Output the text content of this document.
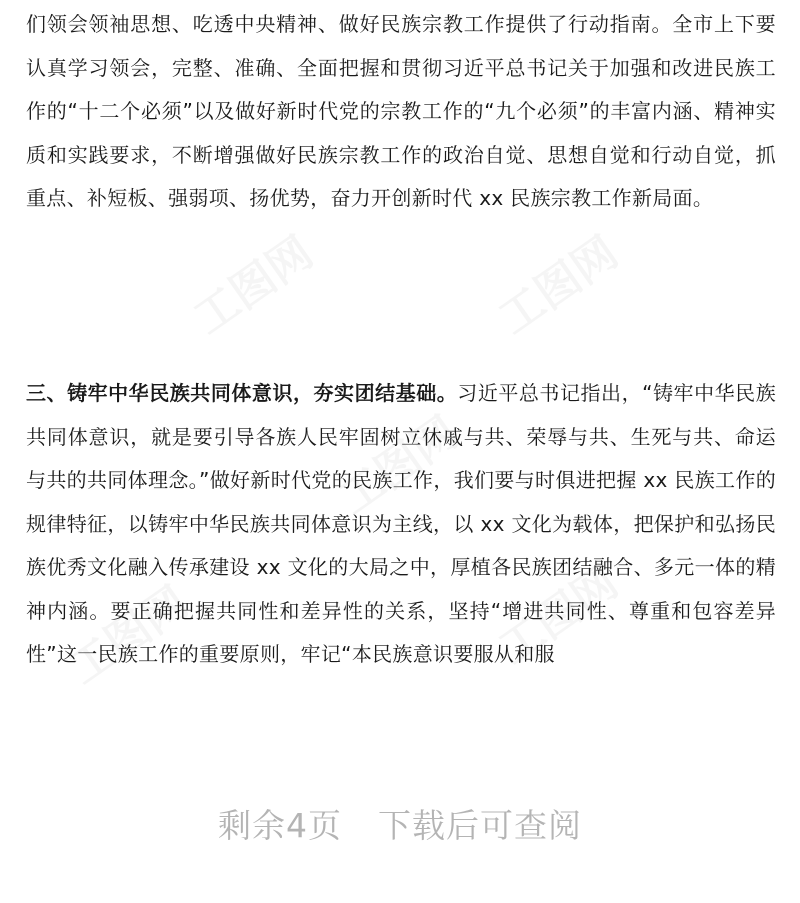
工图网	工图网
工图网
工图网	工图网

们领会领袖思想、吃透中央精神、做好民族宗教工作提供了行动指南。全市上下要认真学习领会，完整、准确、全面把握和贯彻习近平总书记关于加强和改进民族工作的“十二个必须”以及做好新时代党的宗教工作的“九个必须”的丰富内涵、精神实质和实践要求，不断增强做好民族宗教工作的政治自觉、思想自觉和行动自觉，抓重点、补短板、强弱项、扬优势，奋力开创新时代 xx 民族宗教工作新局面。

三、铸牢中华民族共同体意识，夯实团结基础。习近平总书记指出，“铸牢中华民族共同体意识，就是要引导各族人民牢固树立休戚与共、荣辱与共、生死与共、命运与共的共同体理念。”做好新时代党的民族工作，我们要与时俱进把握 xx 民族工作的规律特征，以铸牢中华民族共同体意识为主线，以 xx 文化为载体，把保护和弘扬民族优秀文化融入传承建设 xx 文化的大局之中，厚植各民族团结融合、多元一体的精神内涵。要正确把握共同性和差异性的关系，坚持“增进共同性、尊重和包容差异性”这一民族工作的重要原则，牢记“本民族意识要服从和服

剩余4页 下载后可查阅
